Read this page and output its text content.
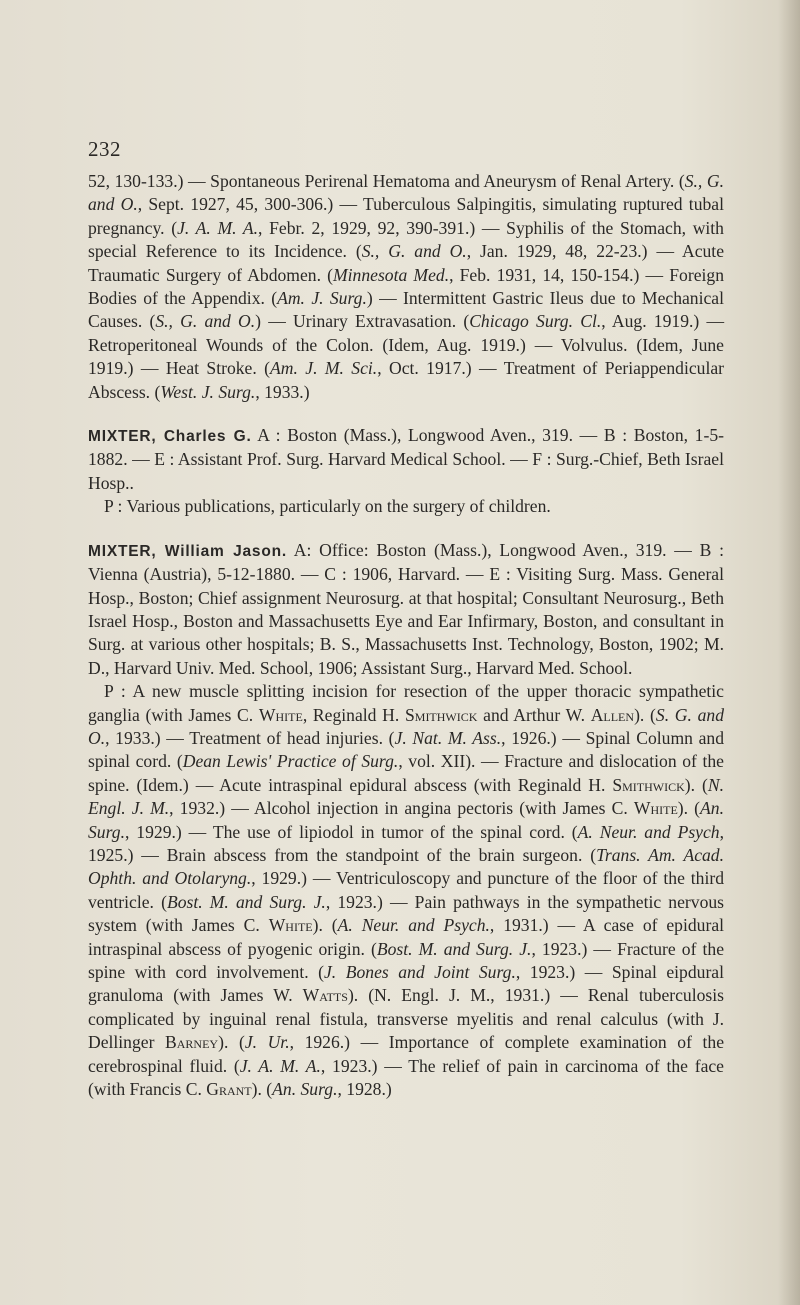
232

52, 130-133.) — Spontaneous Perirenal Hematoma and Aneurysm of Renal Artery. (S., G. and O., Sept. 1927, 45, 300-306.) — Tuberculous Salpingitis, simulating ruptured tubal pregnancy. (J. A. M. A., Febr. 2, 1929, 92, 390-391.) — Syphilis of the Stomach, with special Reference to its Incidence. (S., G. and O., Jan. 1929, 48, 22-23.) — Acute Traumatic Surgery of Abdomen. (Minnesota Med., Feb. 1931, 14, 150-154.) — Foreign Bodies of the Appendix. (Am. J. Surg.) — Intermittent Gastric Ileus due to Mechanical Causes. (S., G. and O.) — Urinary Extravasation. (Chicago Surg. Cl., Aug. 1919.) — Retroperitoneal Wounds of the Colon. (Idem, Aug. 1919.) — Volvulus. (Idem, June 1919.) — Heat Stroke. (Am. J. M. Sci., Oct. 1917.) — Treatment of Periappendicular Abscess. (West. J. Surg., 1933.)

MIXTER, Charles G. A : Boston (Mass.), Longwood Aven., 319. — B : Boston, 1-5-1882. — E : Assistant Prof. Surg. Harvard Medical School. — F : Surg.-Chief, Beth Israel Hosp..

P : Various publications, particularly on the surgery of children.

MIXTER, William Jason. A: Office: Boston (Mass.), Longwood Aven., 319. — B : Vienna (Austria), 5-12-1880. — C : 1906, Harvard. — E : Visiting Surg. Mass. General Hosp., Boston; Chief assignment Neurosurg. at that hospital; Consultant Neurosurg., Beth Israel Hosp., Boston and Massachusetts Eye and Ear Infirmary, Boston, and consultant in Surg. at various other hospitals; B. S., Massachusetts Inst. Technology, Boston, 1902; M. D., Harvard Univ. Med. School, 1906; Assistant Surg., Harvard Med. School.

P : A new muscle splitting incision for resection of the upper thoracic sympathetic ganglia (with James C. White, Reginald H. Smithwick and Arthur W. Allen). (S. G. and O., 1933.) — Treatment of head injuries. (J. Nat. M. Ass., 1926.) — Spinal Column and spinal cord. (Dean Lewis' Practice of Surg., vol. XII). — Fracture and dislocation of the spine. (Idem.) — Acute intraspinal epidural abscess (with Reginald H. Smithwick). (N. Engl. J. M., 1932.) — Alcohol injection in angina pectoris (with James C. White). (An. Surg., 1929.) — The use of lipiodol in tumor of the spinal cord. (A. Neur. and Psych, 1925.) — Brain abscess from the standpoint of the brain surgeon. (Trans. Am. Acad. Ophth. and Otolaryng., 1929.) — Ventriculoscopy and puncture of the floor of the third ventricle. (Bost. M. and Surg. J., 1923.) — Pain pathways in the sympathetic nervous system (with James C. White). (A. Neur. and Psych., 1931.) — A case of epidural intraspinal abscess of pyogenic origin. (Bost. M. and Surg. J., 1923.) — Fracture of the spine with cord involvement. (J. Bones and Joint Surg., 1923.) — Spinal eipdural granuloma (with James W. Watts). (N. Engl. J. M., 1931.) — Renal tuberculosis complicated by inguinal renal fistula, transverse myelitis and renal calculus (with J. Dellinger Barney). (J. Ur., 1926.) — Importance of complete examination of the cerebrospinal fluid. (J. A. M. A., 1923.) — The relief of pain in carcinoma of the face (with Francis C. Grant). (An. Surg., 1928.)
